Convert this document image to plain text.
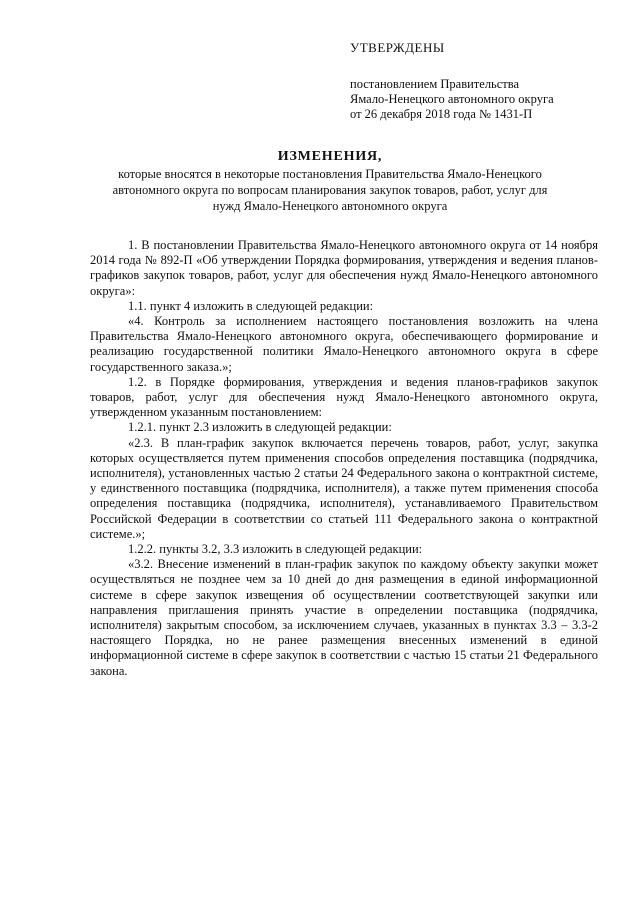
УТВЕРЖДЕНЫ
постановлением Правительства
Ямало-Ненецкого автономного округа
от 26 декабря 2018 года № 1431-П
ИЗМЕНЕНИЯ,
которые вносятся в некоторые постановления Правительства Ямало-Ненецкого автономного округа по вопросам планирования закупок товаров, работ, услуг для нужд Ямало-Ненецкого автономного округа

1. В постановлении Правительства Ямало-Ненецкого автономного округа от 14 ноября 2014 года № 892-П «Об утверждении Порядка формирования, утверждения и ведения планов-графиков закупок товаров, работ, услуг для обеспечения нужд Ямало-Ненецкого автономного округа»:

1.1. пункт 4 изложить в следующей редакции:

«4. Контроль за исполнением настоящего постановления возложить на члена Правительства Ямало-Ненецкого автономного округа, обеспечивающего формирование и реализацию государственной политики Ямало-Ненецкого автономного округа в сфере государственного заказа.»;

1.2. в Порядке формирования, утверждения и ведения планов-графиков закупок товаров, работ, услуг для обеспечения нужд Ямало-Ненецкого автономного округа, утвержденном указанным постановлением:

1.2.1. пункт 2.3 изложить в следующей редакции:

«2.3. В план-график закупок включается перечень товаров, работ, услуг, закупка которых осуществляется путем применения способов определения поставщика (подрядчика, исполнителя), установленных частью 2 статьи 24 Федерального закона о контрактной системе, у единственного поставщика (подрядчика, исполнителя), а также путем применения способа определения поставщика (подрядчика, исполнителя), устанавливаемого Правительством Российской Федерации в соответствии со статьей 111 Федерального закона о контрактной системе.»;

1.2.2. пункты 3.2, 3.3 изложить в следующей редакции:

«3.2. Внесение изменений в план-график закупок по каждому объекту закупки может осуществляться не позднее чем за 10 дней до дня размещения в единой информационной системе в сфере закупок извещения об осуществлении соответствующей закупки или направления приглашения принять участие в определении поставщика (подрядчика, исполнителя) закрытым способом, за исключением случаев, указанных в пунктах 3.3 – 3.3-2 настоящего Порядка, но не ранее размещения внесенных изменений в единой информационной системе в сфере закупок в соответствии с частью 15 статьи 21 Федерального закона.
